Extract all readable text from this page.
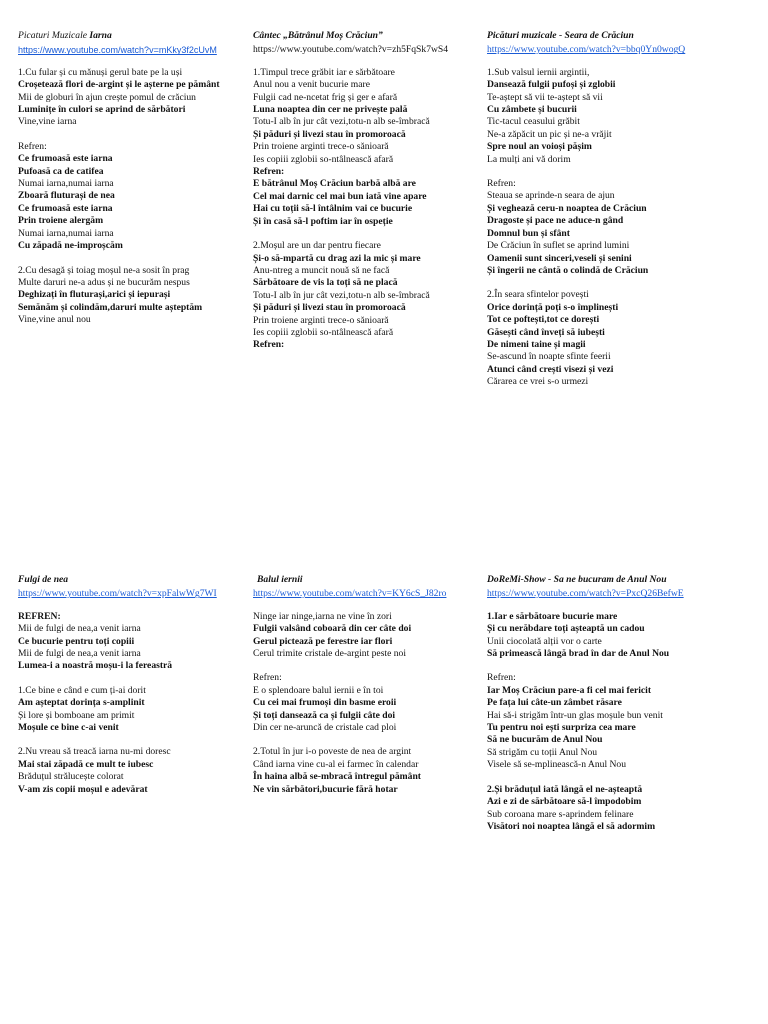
Picaturi Muzicale Iarna
https://www.youtube.com/watch?v=mKky3f2cUvM
1.Cu fular și cu mănuși gerul bate pe la uși
Croșetează flori de-argint și le așterne pe pământ
Mii de globuri în ajun crește pomul de crăciun
Luminițe în culori se aprind de sărbători
Vine,vine iarna
Refren:
Ce frumoasă este iarna
Pufoasă ca de catifea
Numai iarna,numai iarna
Zboară fluturași de nea
Ce frumoasă este iarna
Prin troiene alergăm
Numai iarna,numai iarna
Cu zăpadă ne-improșcăm
2.Cu desagă și toiag moșul ne-a sosit în prag
Multe daruri ne-a adus și ne bucurăm nespus
Deghizați în fluturași,arici și iepurași
Semănăm și colindăm,daruri multe așteptăm
Vine,vine anul nou
Cântec „Bătrânul Moș Crăciun”
https://www.youtube.com/watch?v=zh5FqSk7wS4
1.Timpul trece grăbit iar e sărbătoare
Anul nou a venit bucurie mare
Fulgii cad ne-ncetat frig și ger e afară
Luna noaptea din cer ne privește pală
Totu-I alb în jur cât vezi,totu-n alb se-îmbracă
Și păduri și livezi stau în promoroacă
Prin troiene arginti trece-o sănioară
Ies copiii zglobii so-ntâlnească afară
Refren:
E bătrânul Moș Crăciun barbă albă are
Cel mai darnic cel mai bun iată vine apare
Hai cu toții să-l întâlnim vai ce bucurie
Și în casă să-l poftim iar în ospeție
2.Moșul are un dar pentru fiecare
Și-o să-mpartă cu drag azi la mic și mare
Anu-ntreg a muncit nouă să ne facă
Sărbătoare de vis la toți să ne placă
Totu-I alb în jur cât vezi,totu-n alb se-îmbracă
Și păduri și livezi stau în promoroacă
Prin troiene arginti trece-o sănioară
Ies copiii zglobii so-ntâlnească afară
Refren:
Picături muzicale - Seara de Crăciun
https://www.youtube.com/watch?v=bbq0Yn0wogQ
1.Sub valsul iernii argintii,
Dansează fulgii pufoși și zglobii
Te-aștept să vii te-aștept să vii
Cu zâmbete și bucurii
Tic-tacul ceasului grăbit
Ne-a zăpăcit un pic și ne-a vrăjit
Spre noul an voioși pășim
La mulți ani vă dorim
Refren:
Steaua se aprinde-n seara de ajun
Și veghează ceru-n noaptea de Crăciun
Dragoste și pace ne aduce-n gând
Domnul bun și sfânt
De Crăciun în suflet se aprind lumini
Oamenii sunt sinceri,veseli și senini
Și îngerii ne cântă o colindă de Crăciun
2.În seara sfintelor povești
Orice dorință poți s-o împlinești
Tot ce poftești,tot ce dorești
Găsești când înveți să iubești
De nimeni taine și magii
Se-ascund în noapte sfinte feerii
Atunci când crești visezi și vezi
Cărarea ce vrei s-o urmezi
Fulgi de nea
https://www.youtube.com/watch?v=xpFalwWg7WI
REFREN:
Mii de fulgi de nea,a venit iarna
Ce bucurie pentru toți copiii
Mii de fulgi de nea,a venit iarna
Lumea-i a noastră moșu-i la fereastră
1.Ce bine e când e cum ți-ai dorit
Am așteptat dorința s-amplinit
Și lore și bomboane am primit
Moșule ce bine c-ai venit
2.Nu vreau să treacă iarna nu-mi doresc
Mai stai zăpadă ce mult te iubesc
Brăduțul strălucește colorat
V-am zis copii moșul e adevărat
Balul iernii
https://www.youtube.com/watch?v=KY6cS_J82ro
Ninge iar ninge,iarna ne vine în zori
Fulgii valsând coboară din cer câte doi
Gerul pictează pe ferestre iar flori
Cerul trimite cristale de-argint peste noi
Refren:
E o splendoare balul iernii e în toi
Cu cei mai frumoși din basme eroii
Și toți dansează ca și fulgii câte doi
Din cer ne-aruncă de cristale cad ploi
2.Totul în jur i-o poveste de nea de argint
Când iarna vine cu-al ei farmec în calendar
În haina albă se-mbracă întregul pământ
Ne vin sărbători,bucurie fără hotar
DoReMi-Show - Sa ne bucuram de Anul Nou
https://www.youtube.com/watch?v=PxcQ26BefwE
1.Iar e sărbătoare bucurie mare
Și cu nerăbdare toți așteaptă un cadou
Unii ciocolată alții vor o carte
Să primească lângă brad în dar de Anul Nou
Refren:
Iar Moș Crăciun pare-a fi cel mai fericit
Pe fața lui câte-un zâmbet răsare
Hai să-i strigăm într-un glas moșule bun venit
Tu pentru noi ești surpriza cea mare
Să ne bucurăm de Anul Nou
Să strigăm cu toții Anul Nou
Visele să se-mplinească-n Anul Nou
2.Și brăduțul iată lângă el ne-așteaptă
Azi e zi de sărbătoare să-l împodobim
Sub coroana mare s-aprindem felinare
Visători noi noaptea lângă el să adormim
